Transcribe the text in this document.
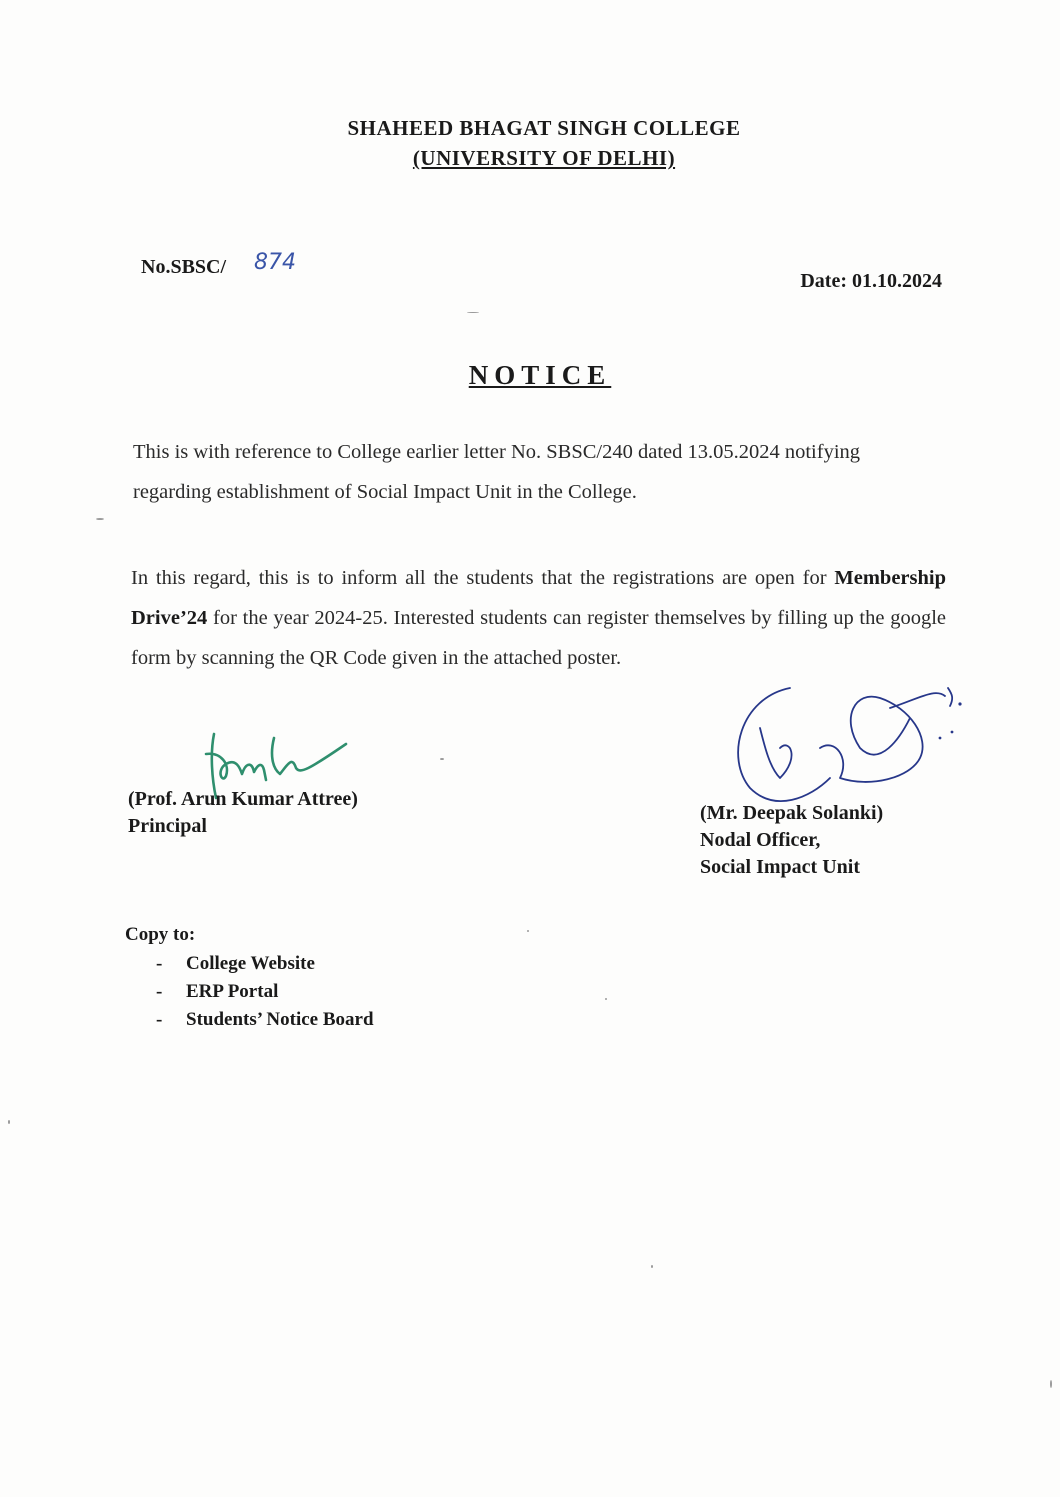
SHAHEED BHAGAT SINGH COLLEGE
(UNIVERSITY OF DELHI)
No.SBSC/ 874
Date: 01.10.2024
NOTICE
This is with reference to College earlier letter No. SBSC/240 dated 13.05.2024 notifying regarding establishment of Social Impact Unit in the College.
In this regard, this is to inform all the students that the registrations are open for Membership Drive’24 for the year 2024-25. Interested students can register themselves by filling up the google form by scanning the QR Code given in the attached poster.
(Prof. Arun Kumar Attree)
Principal
(Mr. Deepak Solanki)
Nodal Officer,
Social Impact Unit
Copy to:
- College Website
- ERP Portal
- Students’ Notice Board
